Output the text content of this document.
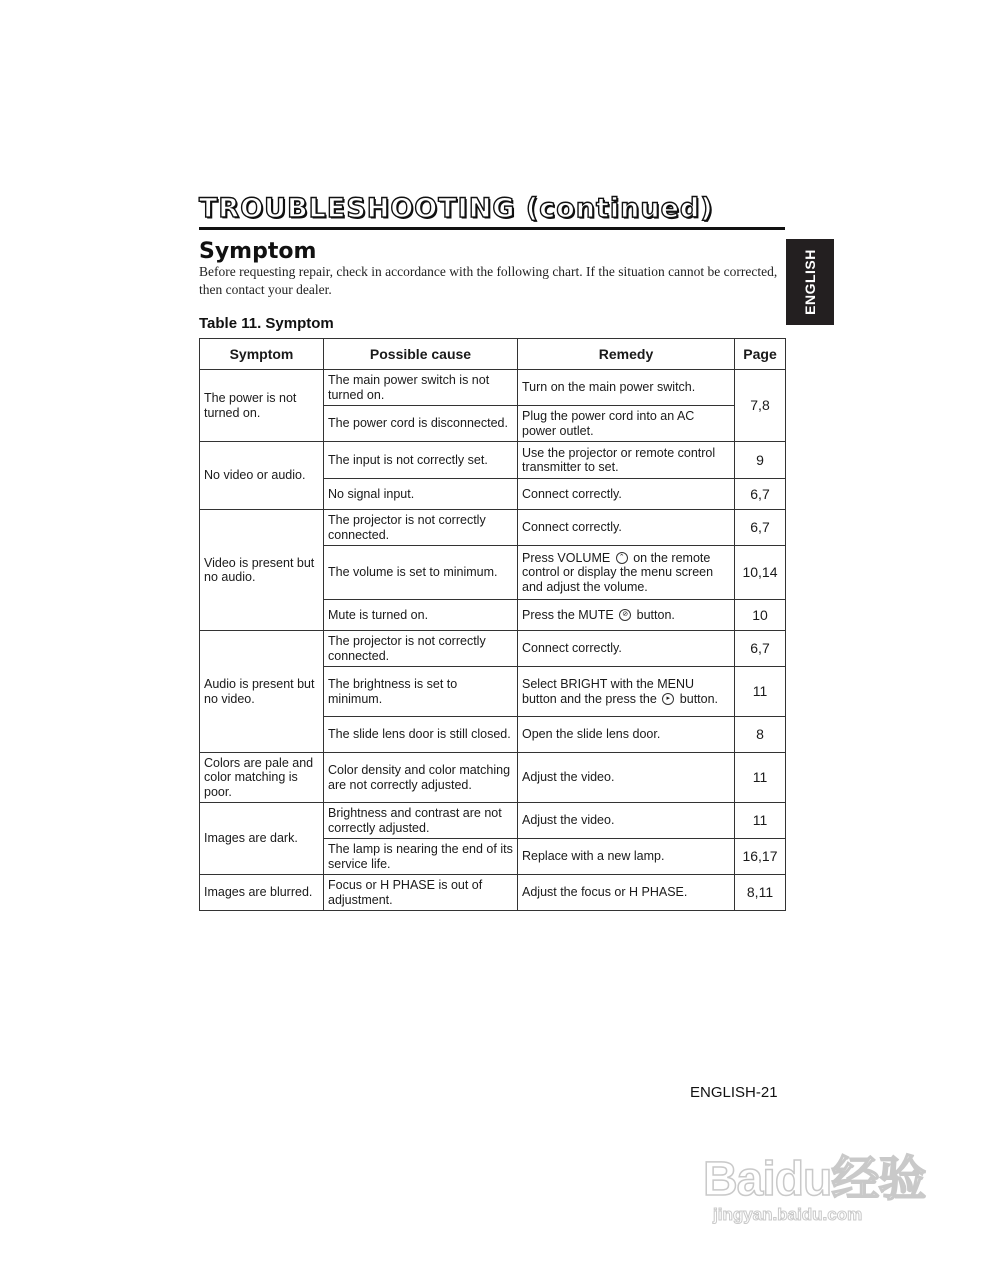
TROUBLESHOOTING (continued)
Symptom
Before requesting repair, check in accordance with the following chart. If the situation cannot be corrected, then contact your dealer.	ENGLISH
Table 11. Symptom
Symptom	Possible cause	Remedy	Page
The power is not turned on.	The main power switch is not turned on.	Turn on the main power switch.	7,8
	The power cord is disconnected.	Plug the power cord into an AC power outlet.	
No video or audio.	The input is not correctly set.	Use the projector or remote control transmitter to set.	9
	No signal input.	Connect correctly.	6,7
Video is present but no audio.	The projector is not correctly connected.	Connect correctly.	6,7
	The volume is set to minimum.	Press VOLUME ⌃ on the remote control or display the menu screen and adjust the volume.	10,14
	Mute is turned on.	Press the MUTE ⊘ button.	10
Audio is present but no video.	The projector is not correctly connected.	Connect correctly.	6,7
	The brightness is set to minimum.	Select BRIGHT with the MENU button and the press the ▸ button.	11
	The slide lens door is still closed.	Open the slide lens door.	8
Colors are pale and color matching is poor.	Color density and color matching are not correctly adjusted.	Adjust the video.	11
Images are dark.	Brightness and contrast are not correctly adjusted.	Adjust the video.	11
	The lamp is nearing the end of its service life.	Replace with a new lamp.	16,17
Images are blurred.	Focus or H PHASE is out of adjustment.	Adjust the focus or H PHASE.	8,11
ENGLISH-21
Baidu经验
jingyan.baidu.com
